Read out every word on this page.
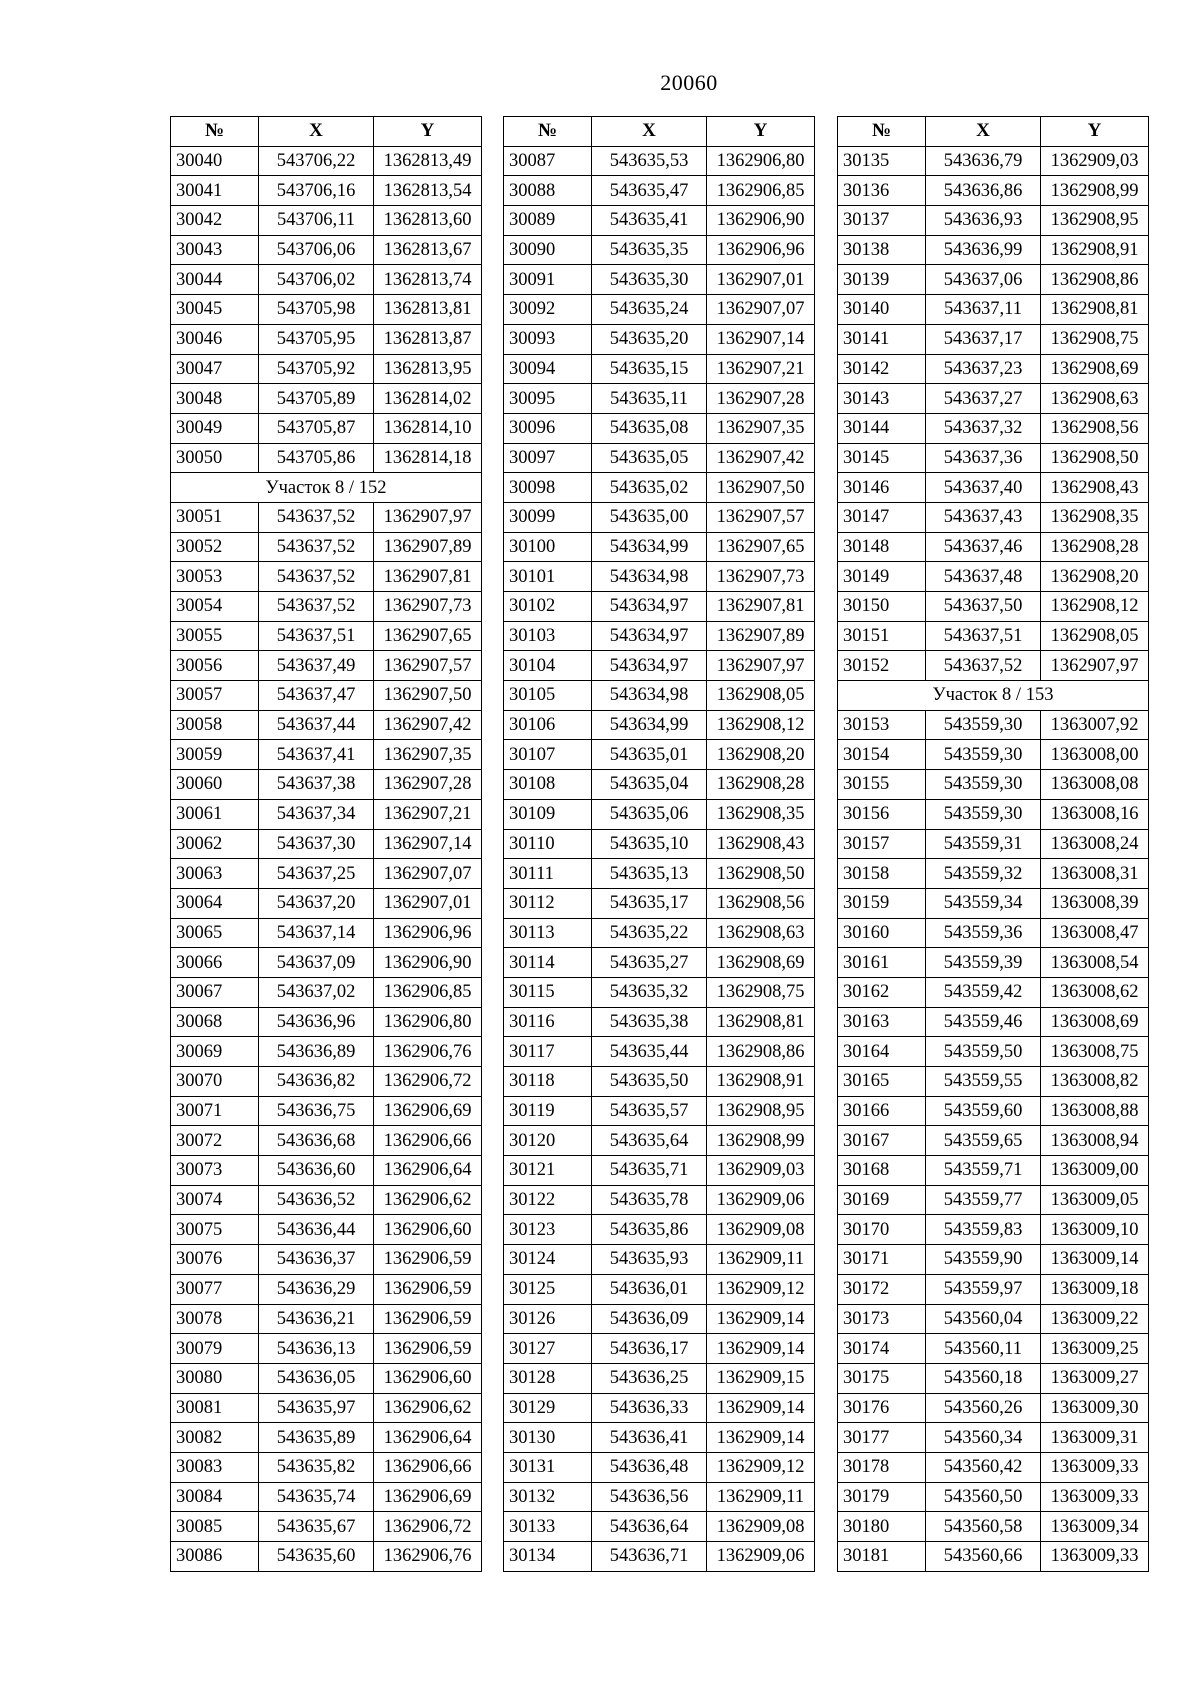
20060
№	X	Y
30040	543706,22	1362813,49
30041	543706,16	1362813,54
30042	543706,11	1362813,60
30043	543706,06	1362813,67
30044	543706,02	1362813,74
30045	543705,98	1362813,81
30046	543705,95	1362813,87
30047	543705,92	1362813,95
30048	543705,89	1362814,02
30049	543705,87	1362814,10
30050	543705,86	1362814,18
Участок 8 / 152		
30051	543637,52	1362907,97
30052	543637,52	1362907,89
30053	543637,52	1362907,81
30054	543637,52	1362907,73
30055	543637,51	1362907,65
30056	543637,49	1362907,57
30057	543637,47	1362907,50
30058	543637,44	1362907,42
30059	543637,41	1362907,35
30060	543637,38	1362907,28
30061	543637,34	1362907,21
30062	543637,30	1362907,14
30063	543637,25	1362907,07
30064	543637,20	1362907,01
30065	543637,14	1362906,96
30066	543637,09	1362906,90
30067	543637,02	1362906,85
30068	543636,96	1362906,80
30069	543636,89	1362906,76
30070	543636,82	1362906,72
30071	543636,75	1362906,69
30072	543636,68	1362906,66
30073	543636,60	1362906,64
30074	543636,52	1362906,62
30075	543636,44	1362906,60
30076	543636,37	1362906,59
30077	543636,29	1362906,59
30078	543636,21	1362906,59
30079	543636,13	1362906,59
30080	543636,05	1362906,60
30081	543635,97	1362906,62
30082	543635,89	1362906,64
30083	543635,82	1362906,66
30084	543635,74	1362906,69
30085	543635,67	1362906,72
30086	543635,60	1362906,76
№	X	Y
30087	543635,53	1362906,80
30088	543635,47	1362906,85
30089	543635,41	1362906,90
30090	543635,35	1362906,96
30091	543635,30	1362907,01
30092	543635,24	1362907,07
30093	543635,20	1362907,14
30094	543635,15	1362907,21
30095	543635,11	1362907,28
30096	543635,08	1362907,35
30097	543635,05	1362907,42
30098	543635,02	1362907,50
30099	543635,00	1362907,57
30100	543634,99	1362907,65
30101	543634,98	1362907,73
30102	543634,97	1362907,81
30103	543634,97	1362907,89
30104	543634,97	1362907,97
30105	543634,98	1362908,05
30106	543634,99	1362908,12
30107	543635,01	1362908,20
30108	543635,04	1362908,28
30109	543635,06	1362908,35
30110	543635,10	1362908,43
30111	543635,13	1362908,50
30112	543635,17	1362908,56
30113	543635,22	1362908,63
30114	543635,27	1362908,69
30115	543635,32	1362908,75
30116	543635,38	1362908,81
30117	543635,44	1362908,86
30118	543635,50	1362908,91
30119	543635,57	1362908,95
30120	543635,64	1362908,99
30121	543635,71	1362909,03
30122	543635,78	1362909,06
30123	543635,86	1362909,08
30124	543635,93	1362909,11
30125	543636,01	1362909,12
30126	543636,09	1362909,14
30127	543636,17	1362909,14
30128	543636,25	1362909,15
30129	543636,33	1362909,14
30130	543636,41	1362909,14
30131	543636,48	1362909,12
30132	543636,56	1362909,11
30133	543636,64	1362909,08
30134	543636,71	1362909,06
№	X	Y
30135	543636,79	1362909,03
30136	543636,86	1362908,99
30137	543636,93	1362908,95
30138	543636,99	1362908,91
30139	543637,06	1362908,86
30140	543637,11	1362908,81
30141	543637,17	1362908,75
30142	543637,23	1362908,69
30143	543637,27	1362908,63
30144	543637,32	1362908,56
30145	543637,36	1362908,50
30146	543637,40	1362908,43
30147	543637,43	1362908,35
30148	543637,46	1362908,28
30149	543637,48	1362908,20
30150	543637,50	1362908,12
30151	543637,51	1362908,05
30152	543637,52	1362907,97
Участок 8 / 153		
30153	543559,30	1363007,92
30154	543559,30	1363008,00
30155	543559,30	1363008,08
30156	543559,30	1363008,16
30157	543559,31	1363008,24
30158	543559,32	1363008,31
30159	543559,34	1363008,39
30160	543559,36	1363008,47
30161	543559,39	1363008,54
30162	543559,42	1363008,62
30163	543559,46	1363008,69
30164	543559,50	1363008,75
30165	543559,55	1363008,82
30166	543559,60	1363008,88
30167	543559,65	1363008,94
30168	543559,71	1363009,00
30169	543559,77	1363009,05
30170	543559,83	1363009,10
30171	543559,90	1363009,14
30172	543559,97	1363009,18
30173	543560,04	1363009,22
30174	543560,11	1363009,25
30175	543560,18	1363009,27
30176	543560,26	1363009,30
30177	543560,34	1363009,31
30178	543560,42	1363009,33
30179	543560,50	1363009,33
30180	543560,58	1363009,34
30181	543560,66	1363009,33
